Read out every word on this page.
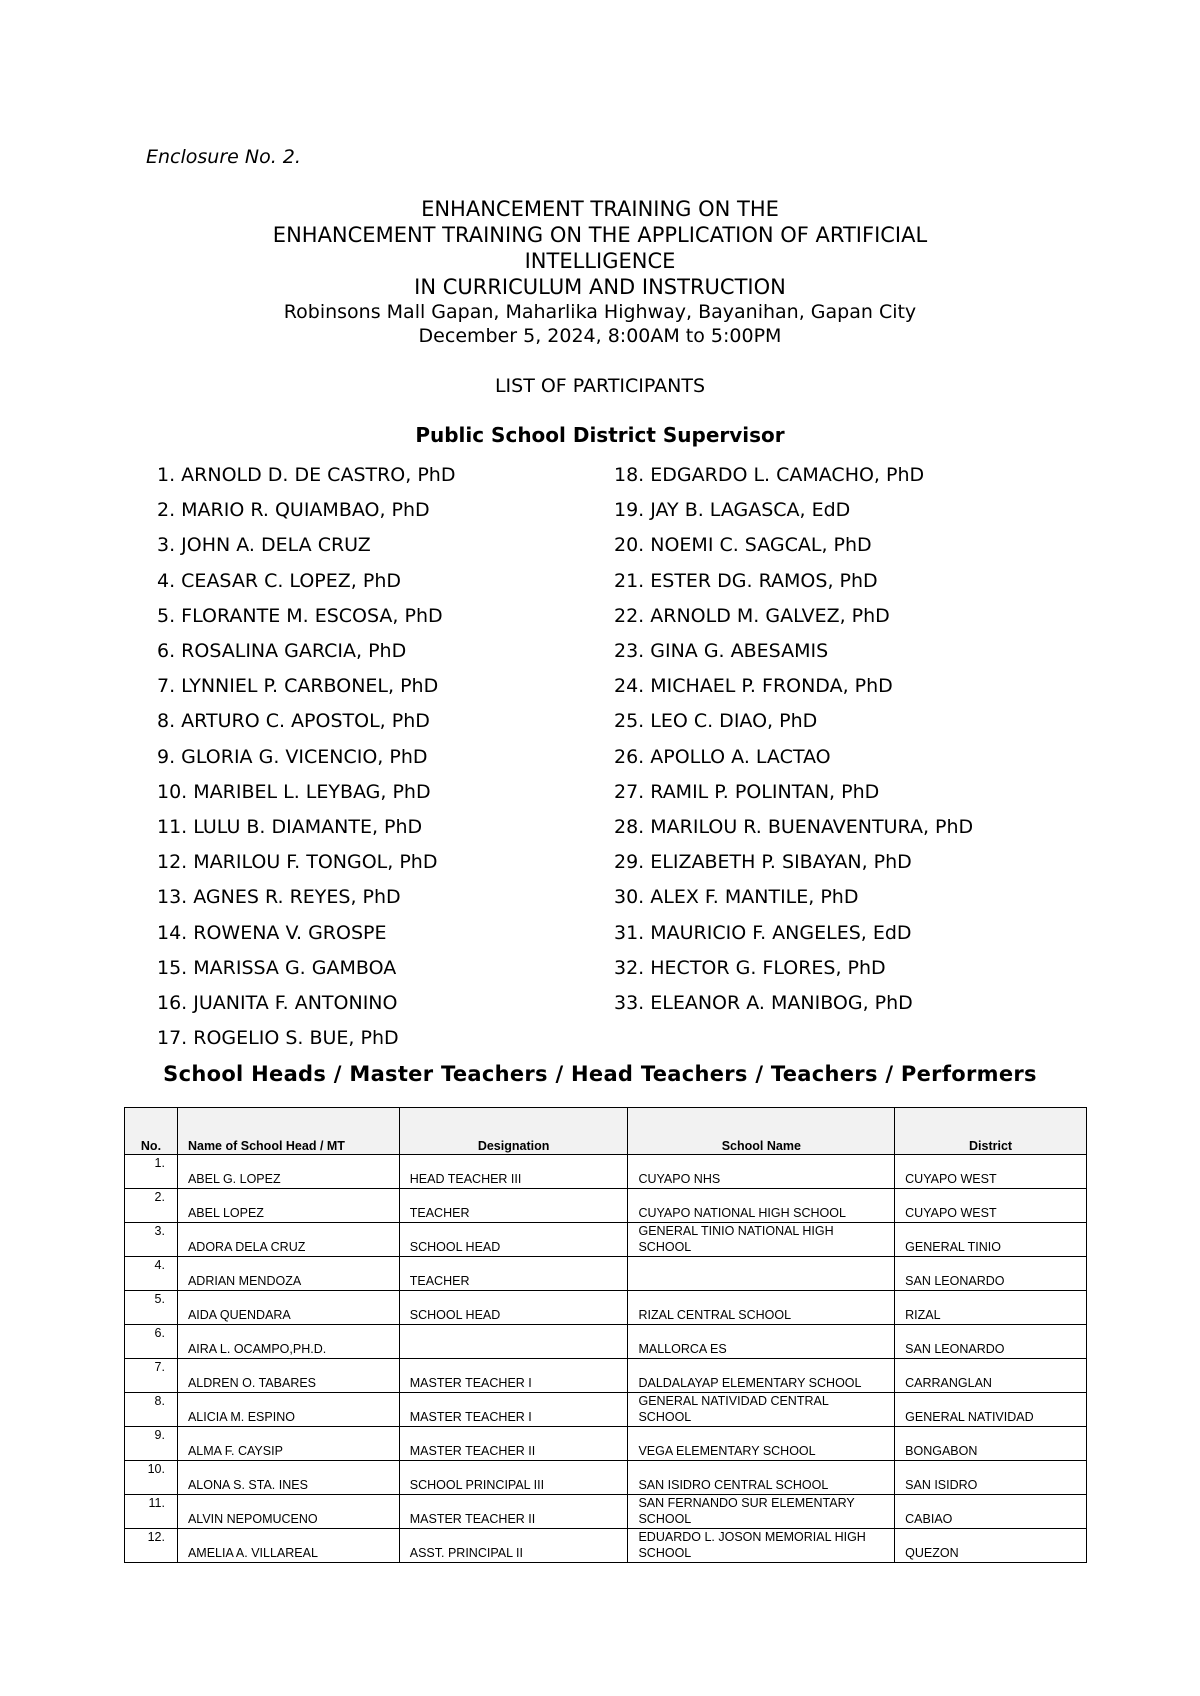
Enclosure No. 2.
ENHANCEMENT TRAINING ON THE
ENHANCEMENT TRAINING ON THE APPLICATION OF ARTIFICIAL
INTELLIGENCE
IN CURRICULUM AND INSTRUCTION
Robinsons Mall Gapan, Maharlika Highway, Bayanihan, Gapan City
December 5, 2024, 8:00AM to 5:00PM
LIST OF PARTICIPANTS
Public School District Supervisor
1. ARNOLD D. DE CASTRO, PhD
2. MARIO R. QUIAMBAO, PhD
3. JOHN A. DELA CRUZ
4. CEASAR C. LOPEZ, PhD
5. FLORANTE M. ESCOSA, PhD
6. ROSALINA GARCIA, PhD
7. LYNNIEL P. CARBONEL, PhD
8. ARTURO C. APOSTOL, PhD
9. GLORIA G. VICENCIO, PhD
10. MARIBEL L. LEYBAG, PhD
11. LULU B. DIAMANTE, PhD
12. MARILOU F. TONGOL, PhD
13. AGNES R. REYES, PhD
14. ROWENA V. GROSPE
15. MARISSA G. GAMBOA
16. JUANITA F. ANTONINO
17. ROGELIO S. BUE, PhD
18. EDGARDO L. CAMACHO, PhD
19. JAY B. LAGASCA, EdD
20. NOEMI C. SAGCAL, PhD
21. ESTER DG. RAMOS, PhD
22. ARNOLD M. GALVEZ, PhD
23. GINA G. ABESAMIS
24. MICHAEL P. FRONDA, PhD
25. LEO C. DIAO, PhD
26. APOLLO A. LACTAO
27. RAMIL P. POLINTAN, PhD
28. MARILOU R. BUENAVENTURA, PhD
29. ELIZABETH P. SIBAYAN, PhD
30. ALEX F. MANTILE, PhD
31. MAURICIO F. ANGELES, EdD
32. HECTOR G. FLORES, PhD
33. ELEANOR A. MANIBOG, PhD
School Heads / Master Teachers / Head Teachers / Teachers / Performers
No.	Name of School Head / MT	Designation	School Name	District
1.	ABEL G. LOPEZ	HEAD TEACHER III	CUYAPO NHS	CUYAPO WEST
2.	ABEL LOPEZ	TEACHER	CUYAPO NATIONAL HIGH SCHOOL	CUYAPO WEST
3.	ADORA DELA CRUZ	SCHOOL HEAD	GENERAL TINIO NATIONAL HIGH SCHOOL	GENERAL TINIO
4.	ADRIAN MENDOZA	TEACHER		SAN LEONARDO
5.	AIDA QUENDARA	SCHOOL HEAD	RIZAL CENTRAL SCHOOL	RIZAL
6.	AIRA L. OCAMPO,PH.D.		MALLORCA ES	SAN LEONARDO
7.	ALDREN O. TABARES	MASTER TEACHER I	DALDALAYAP ELEMENTARY SCHOOL	CARRANGLAN
8.	ALICIA M. ESPINO	MASTER TEACHER I	GENERAL NATIVIDAD CENTRAL SCHOOL	GENERAL NATIVIDAD
9.	ALMA F. CAYSIP	MASTER TEACHER II	VEGA ELEMENTARY SCHOOL	BONGABON
10.	ALONA S. STA. INES	SCHOOL PRINCIPAL III	SAN ISIDRO CENTRAL SCHOOL	SAN ISIDRO
11.	ALVIN NEPOMUCENO	MASTER TEACHER II	SAN FERNANDO SUR ELEMENTARY SCHOOL	CABIAO
12.	AMELIA A. VILLAREAL	ASST. PRINCIPAL II	EDUARDO L. JOSON MEMORIAL HIGH SCHOOL	QUEZON
